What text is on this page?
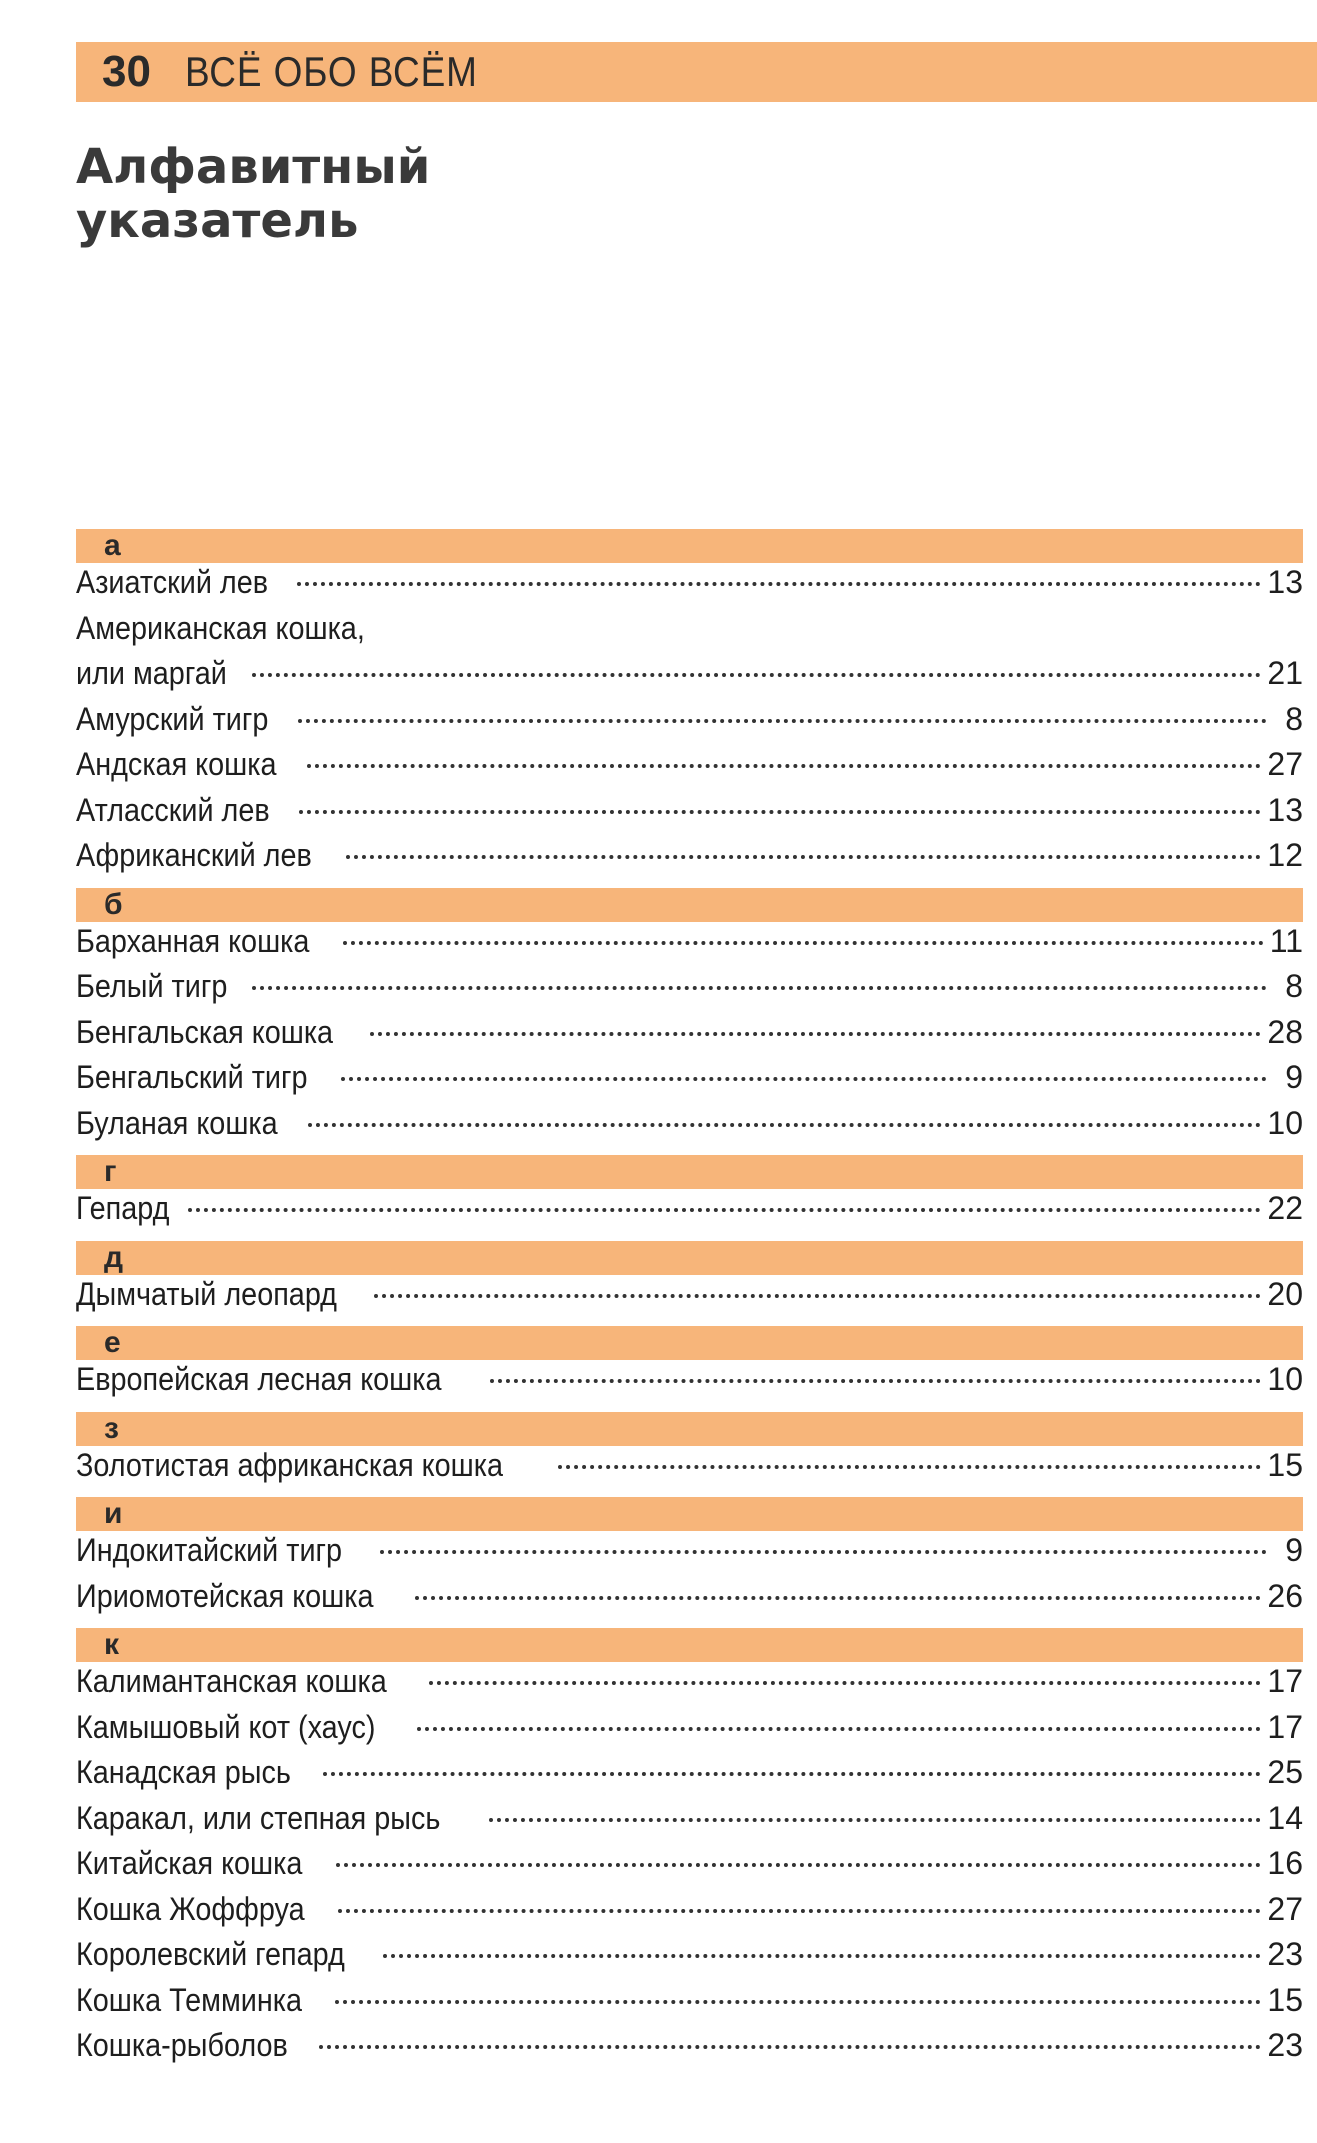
30 ВСЁ ОБО ВСЁМ
Алфавитный
указатель
а
Азиатский лев	13
Американская кошка,
или маргай	21
Амурский тигр	8
Андская кошка	27
Атласский лев	13
Африканский лев	12
б
Барханная кошка	11
Белый тигр	8
Бенгальская кошка	28
Бенгальский тигр	9
Буланая кошка	10
г
Гепард	22
д
Дымчатый леопард	20
е
Европейская лесная кошка	10
з
Золотистая африканская кошка	15
и
Индокитайский тигр	9
Ириомотейская кошка	26
к
Калимантанская кошка	17
Камышовый кот (хаус)	17
Канадская рысь	25
Каракал, или степная рысь	14
Китайская кошка	16
Кошка Жоффруа	27
Королевский гепард	23
Кошка Темминка	15
Кошка-рыболов	23
